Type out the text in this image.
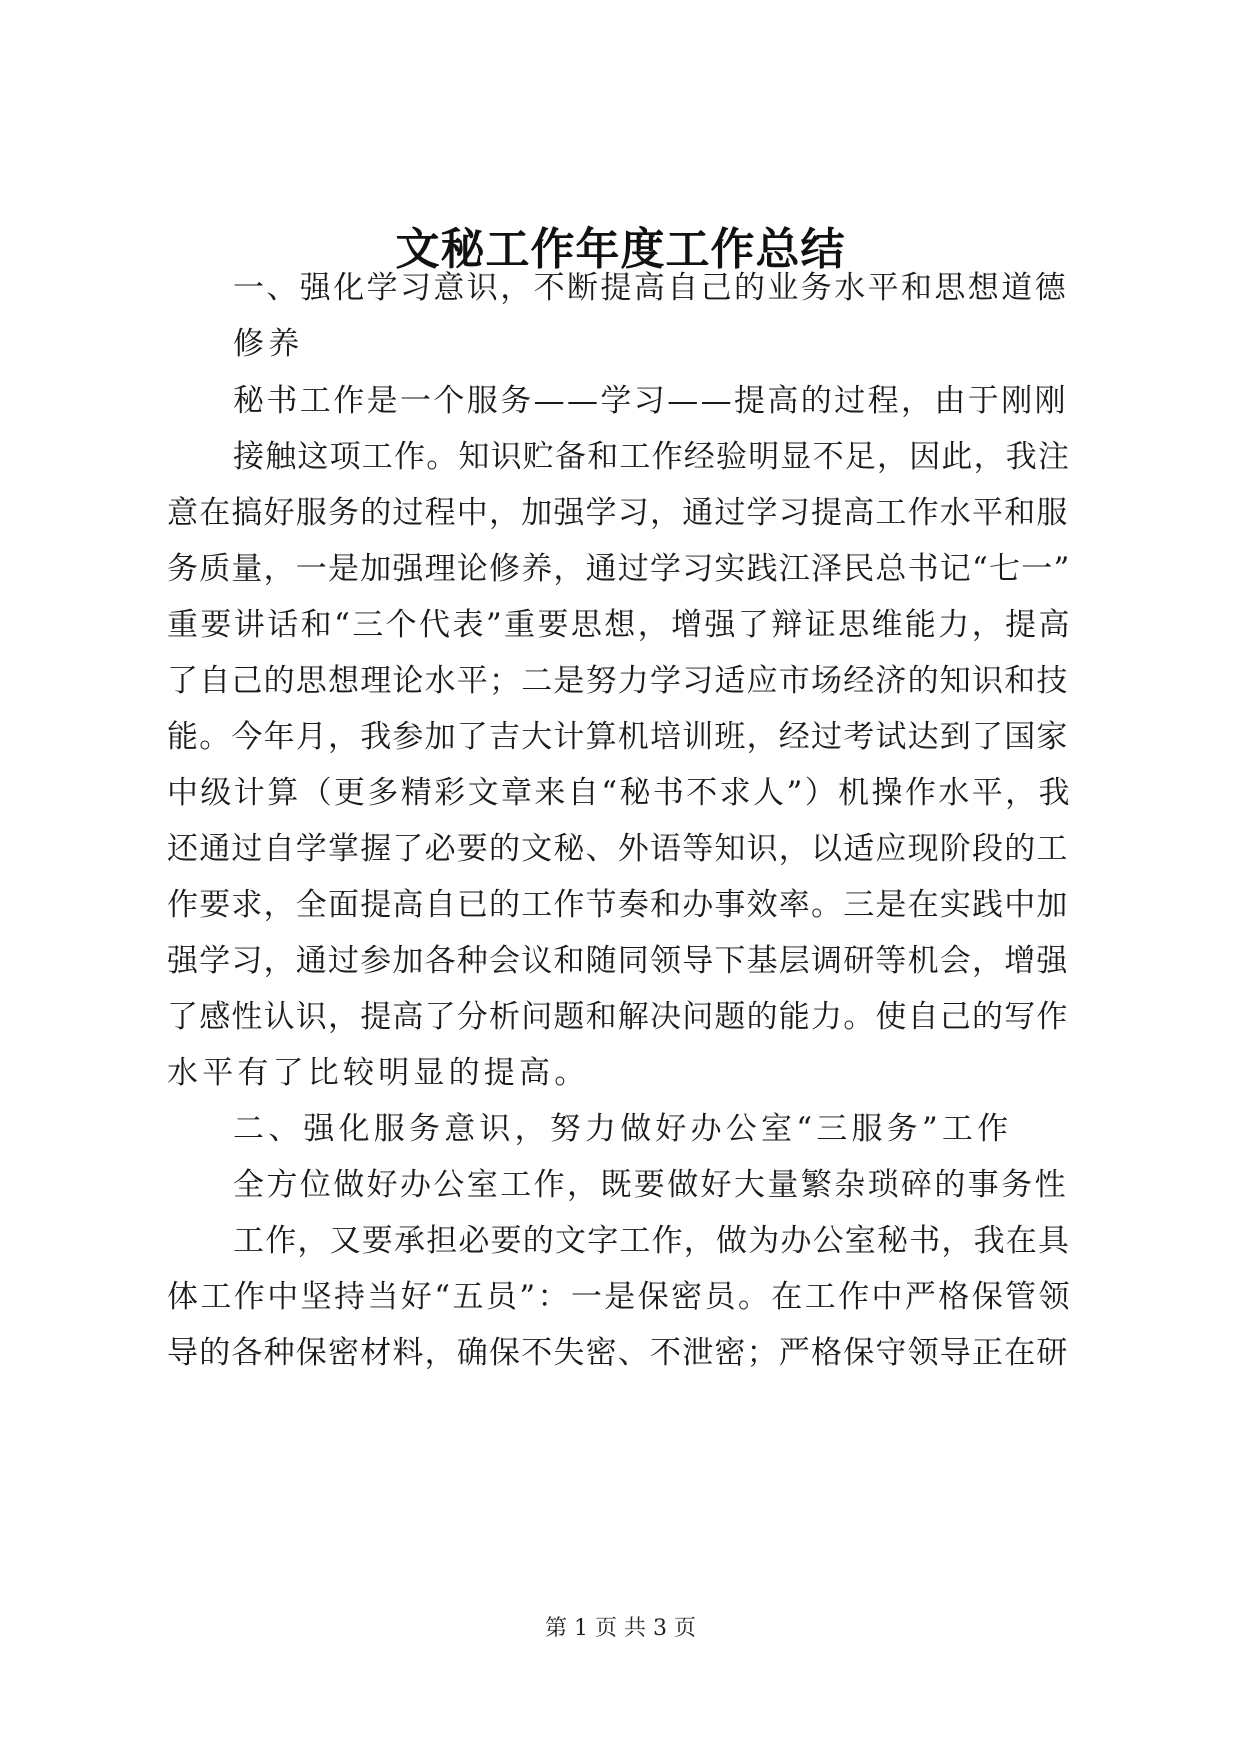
文秘工作年度工作总结
一、强化学习意识，不断提高自己的业务水平和思想道德
修养
秘书工作是一个服务——学习——提高的过程，由于刚刚
接触这项工作。知识贮备和工作经验明显不足，因此，我注
意在搞好服务的过程中，加强学习，通过学习提高工作水平和服
务质量，一是加强理论修养，通过学习实践江泽民总书记“七一”
重要讲话和“三个代表”重要思想，增强了辩证思维能力，提高
了自己的思想理论水平；二是努力学习适应市场经济的知识和技
能。今年月，我参加了吉大计算机培训班，经过考试达到了国家
中级计算（更多精彩文章来自“秘书不求人”）机操作水平，我
还通过自学掌握了必要的文秘、外语等知识，以适应现阶段的工
作要求，全面提高自已的工作节奏和办事效率。三是在实践中加
强学习，通过参加各种会议和随同领导下基层调研等机会，增强
了感性认识，提高了分析问题和解决问题的能力。使自己的写作
水平有了比较明显的提高。
二、强化服务意识，努力做好办公室“三服务”工作
全方位做好办公室工作，既要做好大量繁杂琐碎的事务性
工作，又要承担必要的文字工作，做为办公室秘书，我在具
体工作中坚持当好“五员”：一是保密员。在工作中严格保管领
导的各种保密材料，确保不失密、不泄密；严格保守领导正在研
第 1 页 共 3 页
